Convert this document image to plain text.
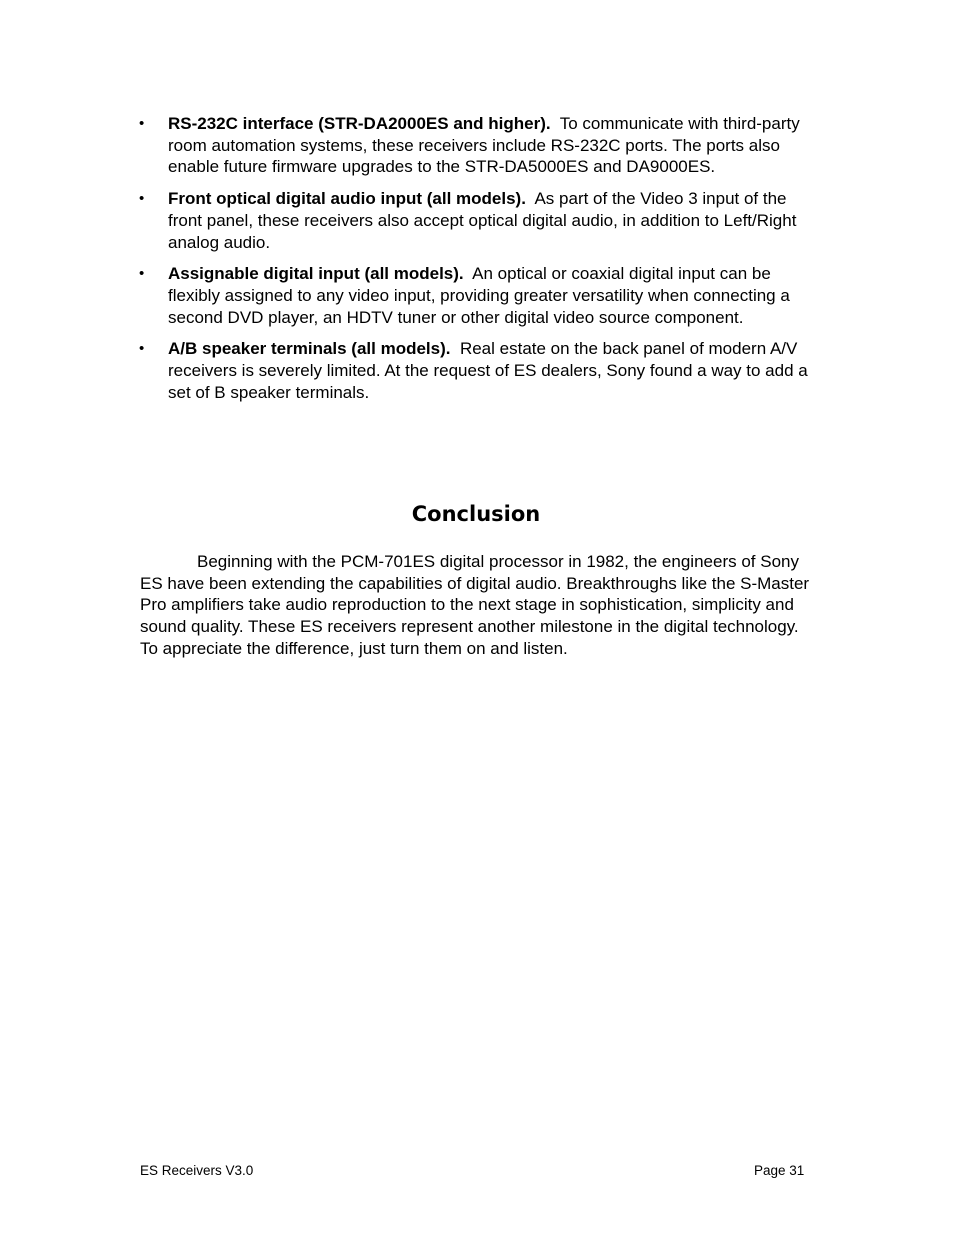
• RS-232C interface (STR-DA2000ES and higher). To communicate with third-party room automation systems, these receivers include RS-232C ports. The ports also enable future firmware upgrades to the STR-DA5000ES and DA9000ES.
• Front optical digital audio input (all models). As part of the Video 3 input of the front panel, these receivers also accept optical digital audio, in addition to Left/Right analog audio.
• Assignable digital input (all models). An optical or coaxial digital input can be flexibly assigned to any video input, providing greater versatility when connecting a second DVD player, an HDTV tuner or other digital video source component.
• A/B speaker terminals (all models). Real estate on the back panel of modern A/V receivers is severely limited. At the request of ES dealers, Sony found a way to add a set of B speaker terminals.
Conclusion

Beginning with the PCM-701ES digital processor in 1982, the engineers of Sony ES have been extending the capabilities of digital audio. Breakthroughs like the S-Master Pro amplifiers take audio reproduction to the next stage in sophistication, simplicity and sound quality. These ES receivers represent another milestone in the digital technology. To appreciate the difference, just turn them on and listen.

ES Receivers V3.0	Page 31
